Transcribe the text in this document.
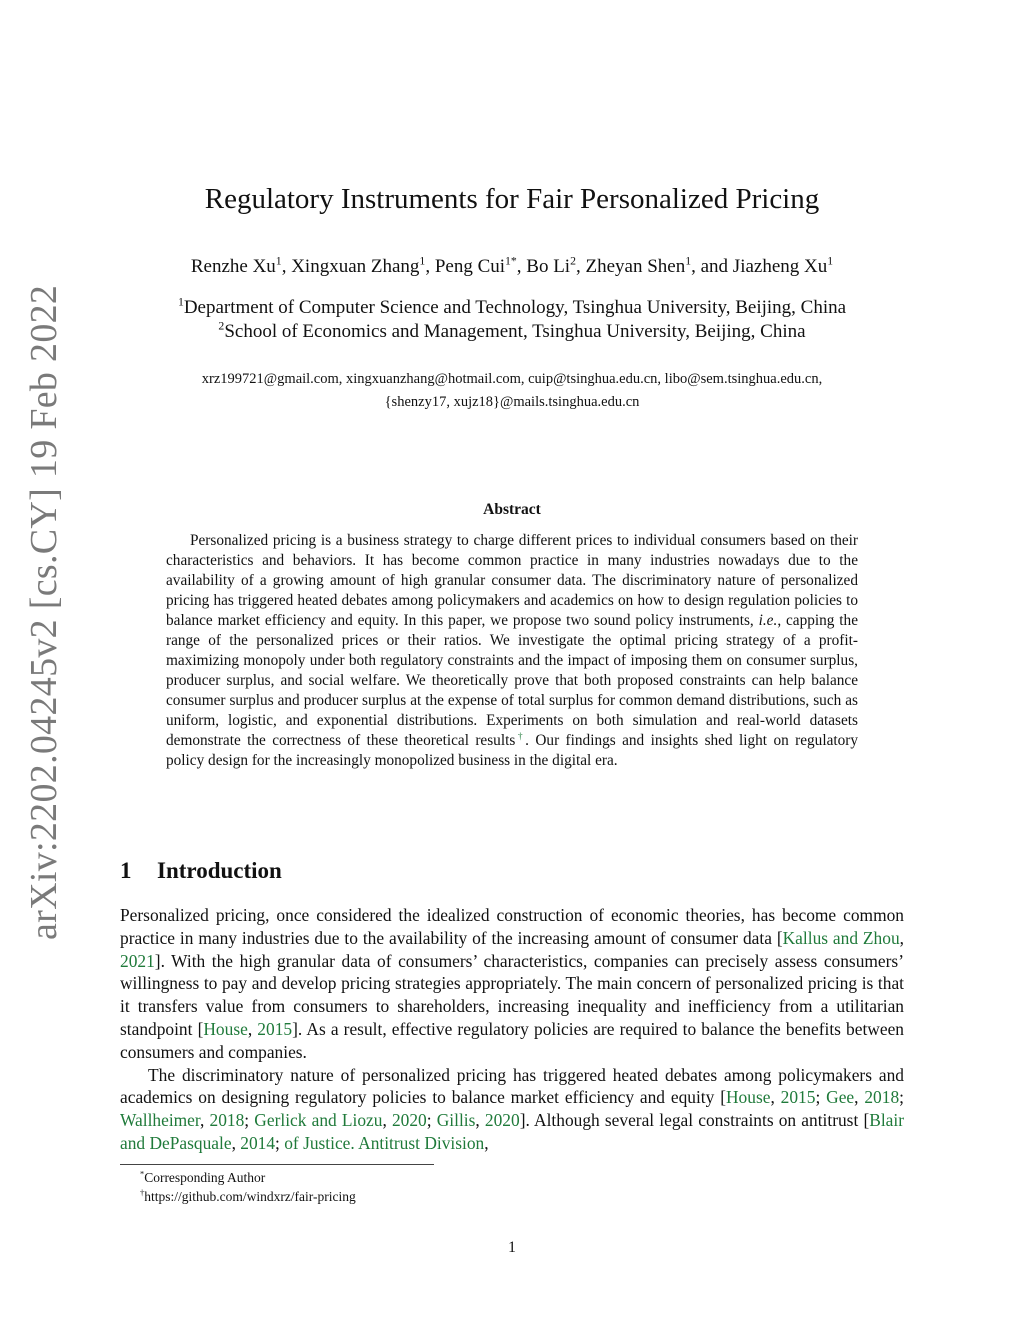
arXiv:2202.04245v2 [cs.CY] 19 Feb 2022
Regulatory Instruments for Fair Personalized Pricing
Renzhe Xu$^1$, Xingxuan Zhang$^1$, Peng Cui$^{1*}$, Bo Li$^2$, Zheyan Shen$^1$, and Jiazheng Xu$^1$
$^1$Department of Computer Science and Technology, Tsinghua University, Beijing, China
$^2$School of Economics and Management, Tsinghua University, Beijing, China
xrz199721@gmail.com, xingxuanzhang@hotmail.com, cuip@tsinghua.edu.cn, libo@sem.tsinghua.edu.cn,
{shenzy17, xujz18}@mails.tsinghua.edu.cn
Abstract

Personalized pricing is a business strategy to charge different prices to individual consumers based on their characteristics and behaviors. It has become common practice in many industries nowadays due to the availability of a growing amount of high granular consumer data. The discriminatory nature of personalized pricing has triggered heated debates among policymakers and academics on how to design regulation policies to balance market efficiency and equity. In this paper, we propose two sound policy instruments, i.e., capping the range of the personalized prices or their ratios. We investigate the optimal pricing strategy of a profit-maximizing monopoly under both regulatory constraints and the impact of imposing them on consumer surplus, producer surplus, and social welfare. We theoretically prove that both proposed constraints can help balance consumer surplus and producer surplus at the expense of total surplus for common demand distributions, such as uniform, logistic, and exponential distributions. Experiments on both simulation and real-world datasets demonstrate the correctness of these theoretical results†. Our findings and insights shed light on regulatory policy design for the increasingly monopolized business in the digital era.

1 Introduction

Personalized pricing, once considered the idealized construction of economic theories, has become common practice in many industries due to the availability of the increasing amount of consumer data [Kallus and Zhou, 2021]. With the high granular data of consumers’ characteristics, companies can precisely assess consumers’ willingness to pay and develop pricing strategies appropriately. The main concern of personalized pricing is that it transfers value from consumers to shareholders, increasing inequality and inefficiency from a utilitarian standpoint [House, 2015]. As a result, effective regulatory policies are required to balance the benefits between consumers and companies.

The discriminatory nature of personalized pricing has triggered heated debates among policymakers and academics on designing regulatory policies to balance market efficiency and equity [House, 2015; Gee, 2018; Wallheimer, 2018; Gerlick and Liozu, 2020; Gillis, 2020]. Although several legal constraints on antitrust [Blair and DePasquale, 2014; of Justice. Antitrust Division,

*Corresponding Author
†https://github.com/windxrz/fair-pricing
1
